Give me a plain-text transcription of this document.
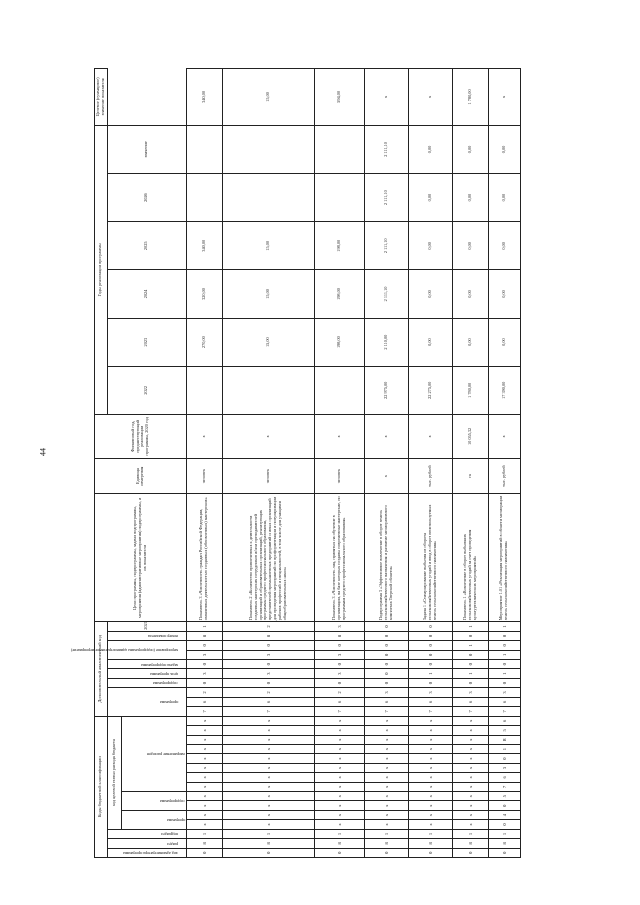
44
Коды бюджетной классификации															Дополнительный аналитический код										Цели программы, подпрограммы, задачи подпрограммы, мероприятия (административные мероприятия) подпрограммы, и их показатели	Единица измерения	Финансовый год, предшествующий реализации программы, 2020 год	Годы реализации программы						Целевое (суммарное) значение показателя

код администратора программы	раздел	подраздел	код целевой статьи расхода бюджета												программа			подпрограмма	цель программы	задача подпрограммы	мероприятие (подпрограммы административное мероприятие)		номер показателя	2021				2022	2023	2024	2025	2026	значение	

			программа		подпрограмма		направление расходов																											

0	8	1	x	x	x	x	x	x	x	x	x	x	x	x	7	6	2	0	3	0	3	0	8	1	Показатель 3 «Численность граждан Российской Федерации, охваченных деятельностью созданных (обновленных) мастерских»	человек	x		270,00	320,00	340,00			340,00
0	8	1	x	x	x	x	x	x	x	x	x	x	x	x	7	6	2	0	3	0	3	0	8	2	Показатель 2 «Количество привлеченных к деятельности созданных мастерских сотрудников и/или преподавателей организаций и образовательных организаций, реализующих программы среднего профессионального образования, представителей промышленных предприятий и иных организаций для проведения мероприятий по профориентации и популяризации рабочих профессий и специальностей, в том числе для учащихся общеобразовательных школ»	человек	x		15,00	15,00	15,00			15,00
0	8	1	x	x	x	x	x	x	x	x	x	x	x	x	7	6	2	0	3	0	3	0	8	3	Показатель 3 «Численность лиц, принятых на обучение в организации, на базе которых созданы современные мастерские, по программам среднего профессионального образования»	человек	x		198,00	198,00	198,00			594,00
0	8	1	x	x	x	x	x	x	x	x	x	x	x	x	7	6	3	0	0	0	0	0	0	0	Подпрограмма 3 «Эффективное вовлечение в оборот земель сельскохозяйственного назначения и развитие мелиоративного комплекса Тверской области»	x	x	22 975,00	2 110,00	2 111,10	2 111,10	2 111,10	2 111,10	x
0	8	1	x	x	x	x	x	x	x	x	x	x	x	x	7	6	3	0	1	0	0	0	0	0	Задача 1 «Стимулирование выбытия из оборота сельскохозяйственных угодий и ввод в оборот неиспользуемых земель сельскохозяйственного назначения»	тыс. рублей	x	22 275,00	0,00	0,00	0,00	0,00	0,00	x
0	8	1	x	x	x	x	x	x	x	x	x	x	x	x	7	6	3	0	1	0	0	1	0	1	Показатель 1 «Вовлечение в оборот выбывших сельскохозяйственных угодий за счет проведения культуртехнических мероприятий»	га	10 055,32	1 780,00	0,00	0,00	0,00	0,00	0,00	1 780,00
0	8	1	0	4	0	5	7	6	3	0	1	R	5	6	7	6	3	0	1	0	1	0	0	1	Мероприятие 1.01 «Реализация мероприятий в области мелиорации земель сельскохозяйственного назначения»	тыс. рублей	x	17 390,00	0,00	0,00	0,00	0,00	0,00	x
